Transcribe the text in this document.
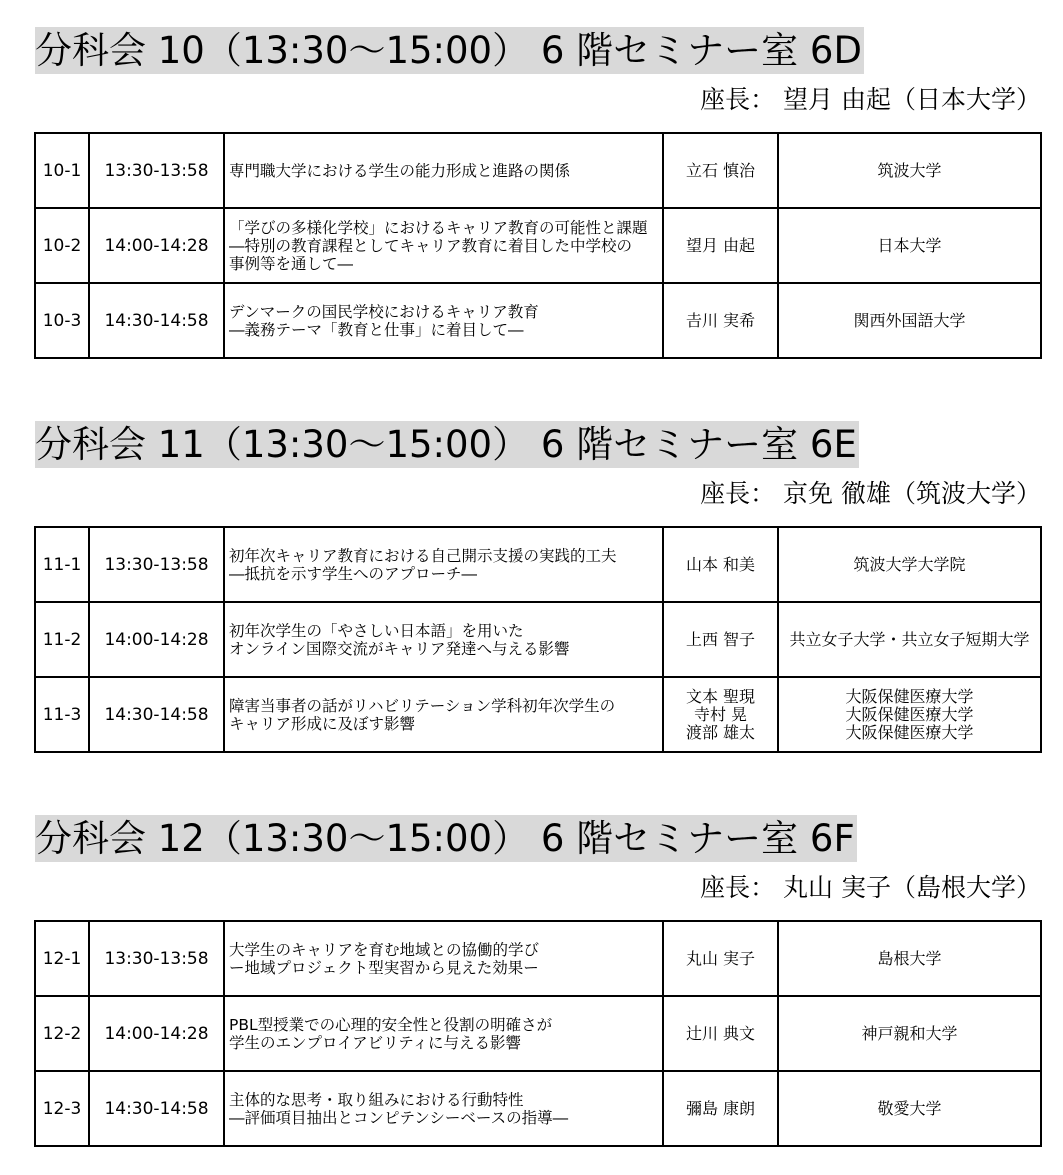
分科会 10（13:30～15:00） 6 階セミナー室 6D
座長： 望月 由起（日本大学）
10-1	13:30-13:58	専門職大学における学生の能力形成と進路の関係	立石 慎治	筑波大学

10-2	14:00-14:28	「学びの多様化学校」におけるキャリア教育の可能性と課題
―特別の教育課程としてキャリア教育に着目した中学校の
事例等を通して―	望月 由起	日本大学

10-3	14:30-14:58	デンマークの国民学校におけるキャリア教育
―義務テーマ「教育と仕事」に着目して―	𠮷川 実希	関西外国語大学
分科会 11（13:30～15:00） 6 階セミナー室 6E
座長： 京免 徹雄（筑波大学）
11-1	13:30-13:58	初年次キャリア教育における自己開示支援の実践的工夫
―抵抗を示す学生へのアプローチ―	山本 和美	筑波大学大学院

11-2	14:00-14:28	初年次学生の「やさしい日本語」を用いた
オンライン国際交流がキャリア発達へ与える影響	上西 智子	共立女子大学・共立女子短期大学

11-3	14:30-14:58	障害当事者の話がリハビリテーション学科初年次学生の
キャリア形成に及ぼす影響	文本 聖現
寺村 晃
渡部 雄太	大阪保健医療大学
大阪保健医療大学
大阪保健医療大学
分科会 12（13:30～15:00） 6 階セミナー室 6F
座長： 丸山 実子（島根大学）
12-1	13:30-13:58	大学生のキャリアを育む地域との協働的学び
ー地域プロジェクト型実習から見えた効果ー	丸山 実子	島根大学

12-2	14:00-14:28	PBL型授業での心理的安全性と役割の明確さが
学生のエンプロイアビリティに与える影響	辻川 典文	神戸親和大学

12-3	14:30-14:58	主体的な思考・取り組みにおける行動特性
―評価項目抽出とコンピテンシーベースの指導―	彌島 康朗	敬愛大学
